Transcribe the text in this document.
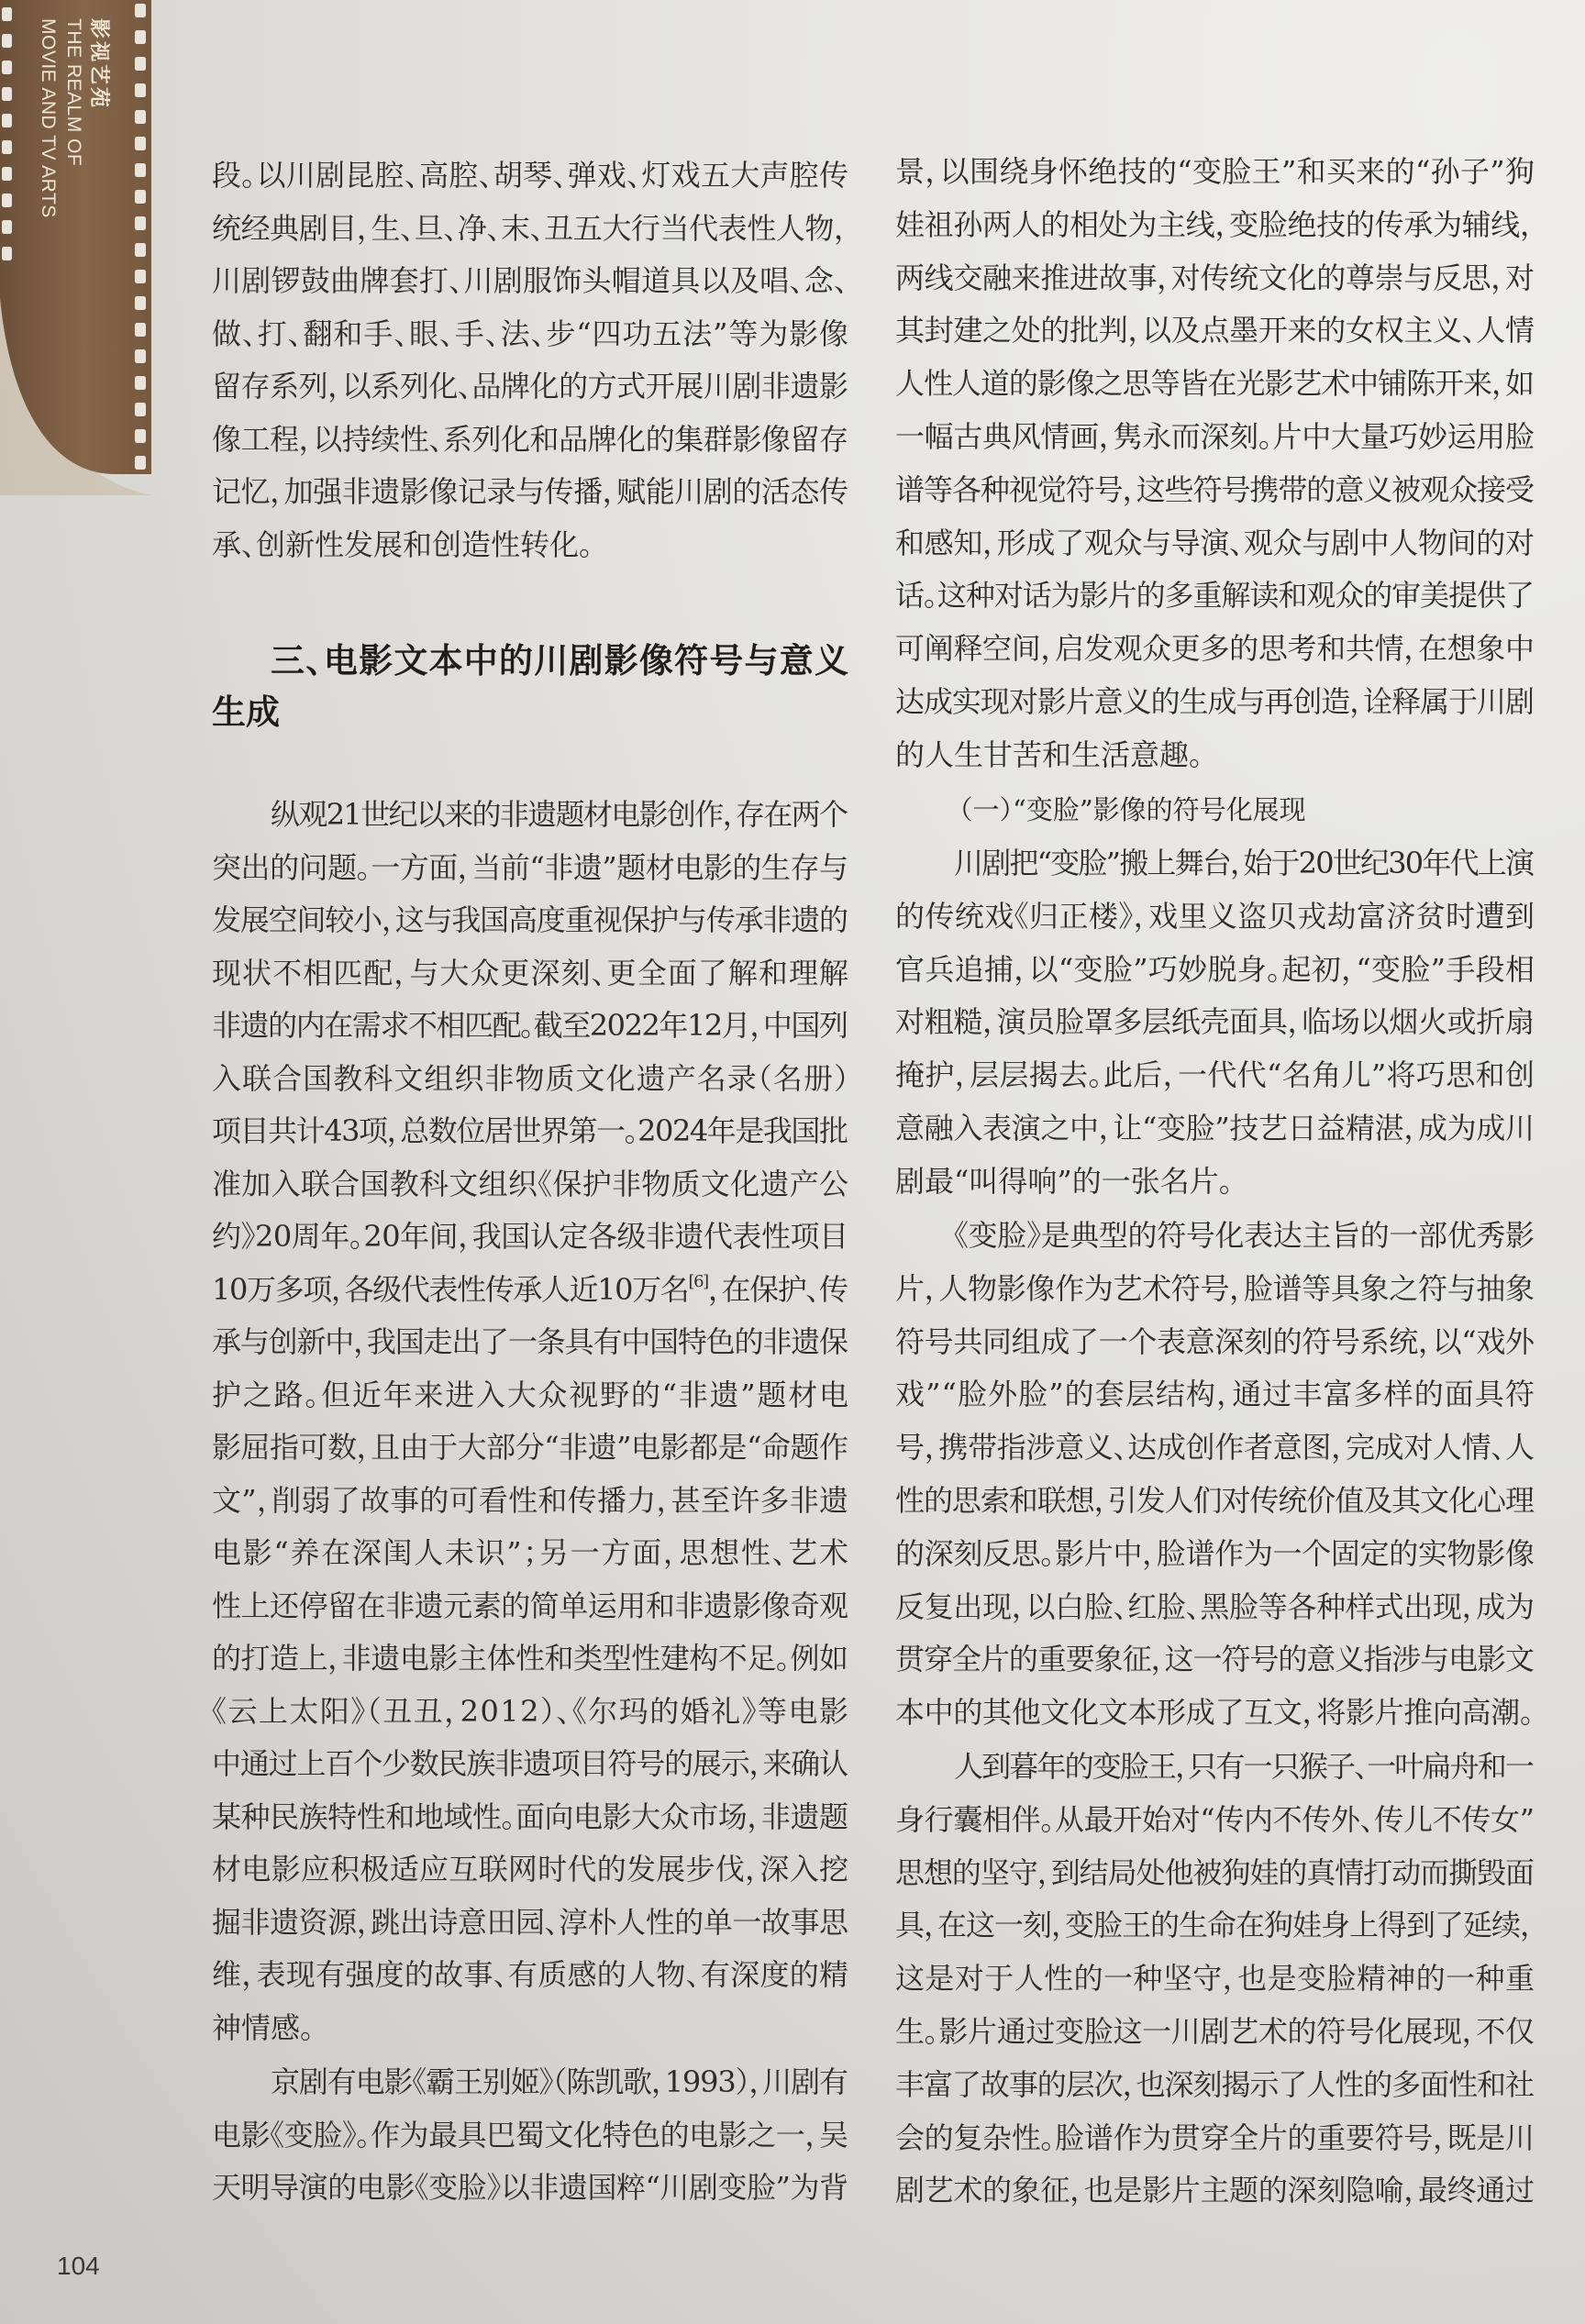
影视艺苑
THE REALM OF
MOVIE AND TV ARTS	段。以川剧昆腔、高腔、胡琴、弹戏、灯戏五大声腔传
统经典剧目，生、旦、净、末、丑五大行当代表性人物，
川剧锣鼓曲牌套打、川剧服饰头帽道具以及唱、念、
做、打、翻和手、眼、手、法、步“四功五法”等为影像
留存系列，以系列化、品牌化的方式开展川剧非遗影
像工程，以持续性、系列化和品牌化的集群影像留存
记忆，加强非遗影像记录与传播，赋能川剧的活态传
承、创新性发展和创造性转化。
三、电影文本中的川剧影像符号与意义
生成
纵观21世纪以来的非遗题材电影创作，存在两个
突出的问题。一方面，当前“非遗”题材电影的生存与
发展空间较小，这与我国高度重视保护与传承非遗的
现状不相匹配，与大众更深刻、更全面了解和理解
非遗的内在需求不相匹配。截至2022年12月，中国列
入联合国教科文组织非物质文化遗产名录（名册）
项目共计43项，总数位居世界第一。2024年是我国批
准加入联合国教科文组织《保护非物质文化遗产公
约》20周年。20年间，我国认定各级非遗代表性项目
10万多项，各级代表性传承人近10万名[6]，在保护、传
承与创新中，我国走出了一条具有中国特色的非遗保
护之路。但近年来进入大众视野的“非遗”题材电
影屈指可数，且由于大部分“非遗”电影都是“命题作
文”，削弱了故事的可看性和传播力，甚至许多非遗
电影“养在深闺人未识”；另一方面，思想性、艺术
性上还停留在非遗元素的简单运用和非遗影像奇观
的打造上，非遗电影主体性和类型性建构不足。例如
《云上太阳》（丑丑，2012）、《尔玛的婚礼》等电影
中通过上百个少数民族非遗项目符号的展示，来确认
某种民族特性和地域性。面向电影大众市场，非遗题
材电影应积极适应互联网时代的发展步伐，深入挖
掘非遗资源，跳出诗意田园、淳朴人性的单一故事思
维，表现有强度的故事、有质感的人物、有深度的精
神情感。
京剧有电影《霸王别姬》（陈凯歌，1993），川剧有
电影《变脸》。作为最具巴蜀文化特色的电影之一，吴
天明导演的电影《变脸》以非遗国粹“川剧变脸”为背
景，以围绕身怀绝技的“变脸王”和买来的“孙子”狗
娃祖孙两人的相处为主线，变脸绝技的传承为辅线，
两线交融来推进故事，对传统文化的尊崇与反思，对
其封建之处的批判，以及点墨开来的女权主义、人情
人性人道的影像之思等皆在光影艺术中铺陈开来，如
一幅古典风情画，隽永而深刻。片中大量巧妙运用脸
谱等各种视觉符号，这些符号携带的意义被观众接受
和感知，形成了观众与导演、观众与剧中人物间的对
话。这种对话为影片的多重解读和观众的审美提供了
可阐释空间，启发观众更多的思考和共情，在想象中
达成实现对影片意义的生成与再创造，诠释属于川剧
的人生甘苦和生活意趣。
（一）“变脸”影像的符号化展现
川剧把“变脸”搬上舞台，始于20世纪30年代上演
的传统戏《归正楼》，戏里义盗贝戎劫富济贫时遭到
官兵追捕，以“变脸”巧妙脱身。起初，“变脸”手段相
对粗糙，演员脸罩多层纸壳面具，临场以烟火或折扇
掩护，层层揭去。此后，一代代“名角儿”将巧思和创
意融入表演之中，让“变脸”技艺日益精湛，成为成川
剧最“叫得响”的一张名片。
《变脸》是典型的符号化表达主旨的一部优秀影
片，人物影像作为艺术符号，脸谱等具象之符与抽象
符号共同组成了一个表意深刻的符号系统，以“戏外
戏”“脸外脸”的套层结构，通过丰富多样的面具符
号，携带指涉意义、达成创作者意图，完成对人情、人
性的思索和联想，引发人们对传统价值及其文化心理
的深刻反思。影片中，脸谱作为一个固定的实物影像
反复出现，以白脸、红脸、黑脸等各种样式出现，成为
贯穿全片的重要象征，这一符号的意义指涉与电影文
本中的其他文化文本形成了互文，将影片推向高潮。
人到暮年的变脸王，只有一只猴子、一叶扁舟和一
身行囊相伴。从最开始对“传内不传外、传儿不传女”
思想的坚守，到结局处他被狗娃的真情打动而撕毁面
具，在这一刻，变脸王的生命在狗娃身上得到了延续，
这是对于人性的一种坚守，也是变脸精神的一种重
生。影片通过变脸这一川剧艺术的符号化展现，不仅
丰富了故事的层次，也深刻揭示了人性的多面性和社
会的复杂性。脸谱作为贯穿全片的重要符号，既是川
剧艺术的象征，也是影片主题的深刻隐喻，最终通过
104
